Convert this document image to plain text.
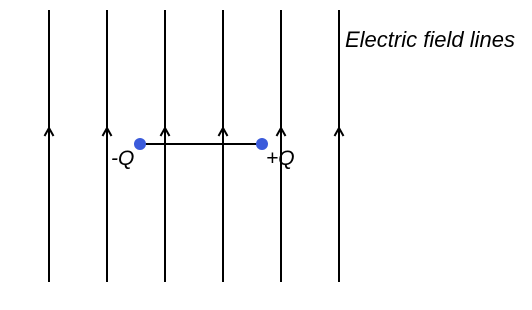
Electric field lines
-Q	+Q
